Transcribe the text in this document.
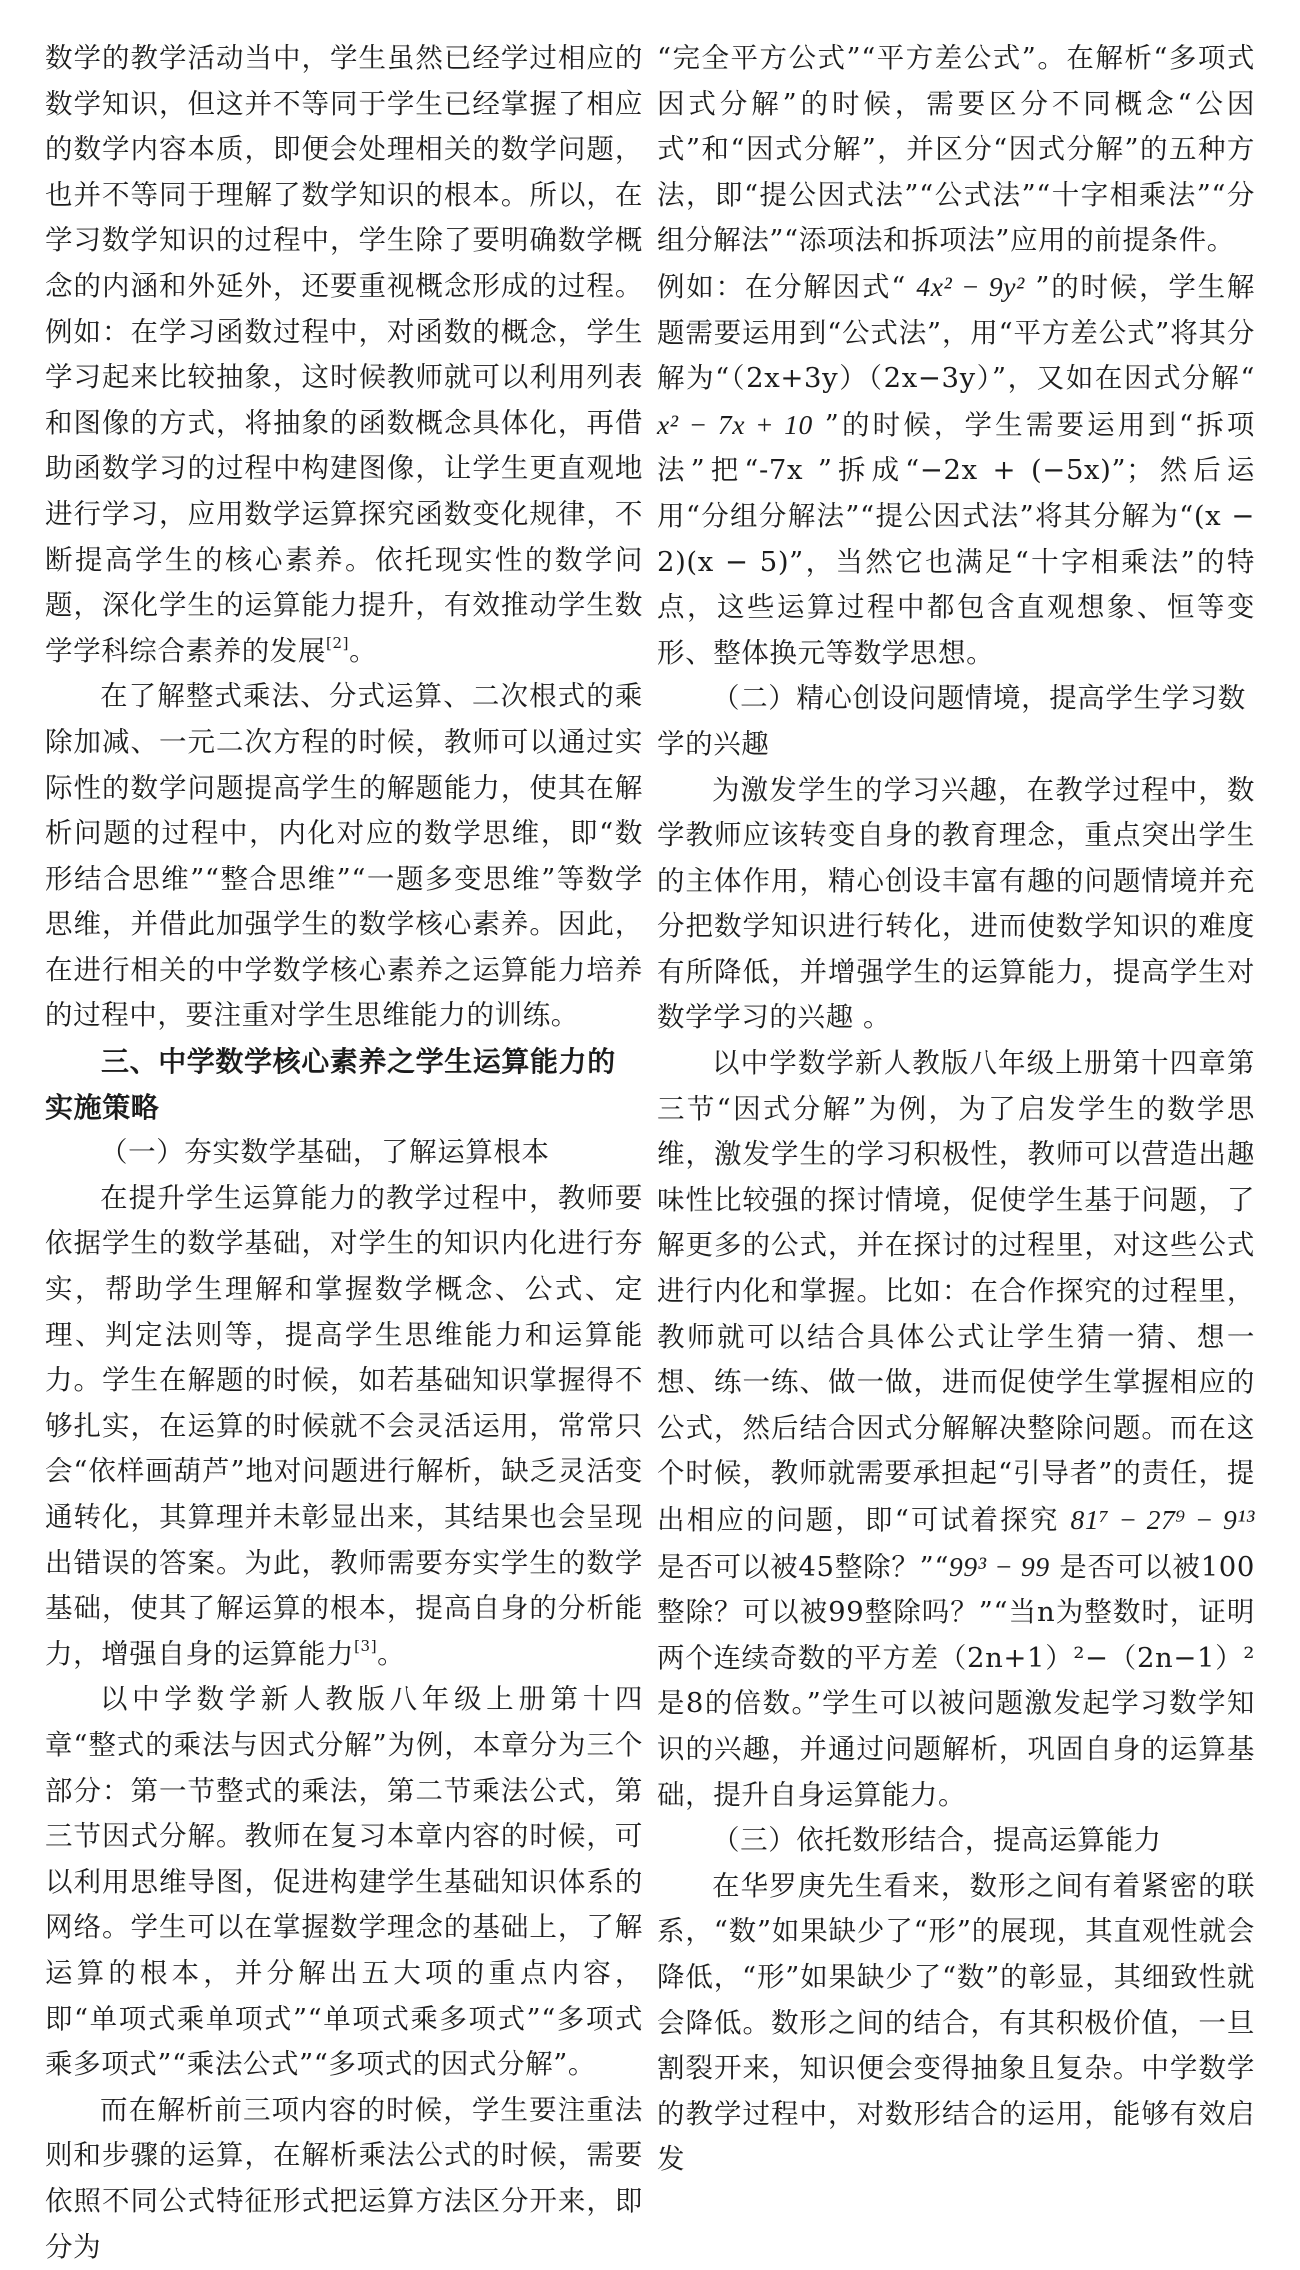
数学的教学活动当中，学生虽然已经学过相应的数学知识，但这并不等同于学生已经掌握了相应的数学内容本质，即便会处理相关的数学问题，也并不等同于理解了数学知识的根本。所以，在学习数学知识的过程中，学生除了要明确数学概念的内涵和外延外，还要重视概念形成的过程。例如：在学习函数过程中，对函数的概念，学生学习起来比较抽象，这时候教师就可以利用列表和图像的方式，将抽象的函数概念具体化，再借助函数学习的过程中构建图像，让学生更直观地进行学习，应用数学运算探究函数变化规律，不断提高学生的核心素养。依托现实性的数学问题，深化学生的运算能力提升，有效推动学生数学学科综合素养的发展[2]。

在了解整式乘法、分式运算、二次根式的乘除加减、一元二次方程的时候，教师可以通过实际性的数学问题提高学生的解题能力，使其在解析问题的过程中，内化对应的数学思维，即“数形结合思维”“整合思维”“一题多变思维”等数学思维，并借此加强学生的数学核心素养。因此，在进行相关的中学数学核心素养之运算能力培养的过程中，要注重对学生思维能力的训练。

三、中学数学核心素养之学生运算能力的实施策略
（一）夯实数学基础，了解运算根本

在提升学生运算能力的教学过程中，教师要依据学生的数学基础，对学生的知识内化进行夯实，帮助学生理解和掌握数学概念、公式、定理、判定法则等，提高学生思维能力和运算能力。学生在解题的时候，如若基础知识掌握得不够扎实，在运算的时候就不会灵活运用，常常只会“依样画葫芦”地对问题进行解析，缺乏灵活变通转化，其算理并未彰显出来，其结果也会呈现出错误的答案。为此，教师需要夯实学生的数学基础，使其了解运算的根本，提高自身的分析能力，增强自身的运算能力[3]。

以中学数学新人教版八年级上册第十四章“整式的乘法与因式分解”为例，本章分为三个部分：第一节整式的乘法，第二节乘法公式，第三节因式分解。教师在复习本章内容的时候，可以利用思维导图，促进构建学生基础知识体系的网络。学生可以在掌握数学理念的基础上，了解运算的根本，并分解出五大项的重点内容，即“单项式乘单项式”“单项式乘多项式”“多项式乘多项式”“乘法公式”“多项式的因式分解”。

而在解析前三项内容的时候，学生要注重法则和步骤的运算，在解析乘法公式的时候，需要依照不同公式特征形式把运算方法区分开来，即分为

“完全平方公式”“平方差公式”。在解析“多项式因式分解”的时候，需要区分不同概念“公因式”和“因式分解”，并区分“因式分解”的五种方法，即“提公因式法”“公式法”“十字相乘法”“分组分解法”“添项法和拆项法”应用的前提条件。

例如：在分解因式“ 4x² − 9y² ”的时候，学生解题需要运用到“公式法”，用“平方差公式”将其分解为“（2x+3y）（2x−3y）”，又如在因式分解“ x² − 7x + 10 ”的时候，学生需要运用到“拆项法”把“-7x ”拆成“−2x + (−5x)”；然后运用“分组分解法”“提公因式法”将其分解为“(x − 2)(x − 5)”，当然它也满足“十字相乘法”的特点，这些运算过程中都包含直观想象、恒等变形、整体换元等数学思想。

（二）精心创设问题情境，提高学生学习数学的兴趣

为激发学生的学习兴趣，在教学过程中，数学教师应该转变自身的教育理念，重点突出学生的主体作用，精心创设丰富有趣的问题情境并充分把数学知识进行转化，进而使数学知识的难度有所降低，并增强学生的运算能力，提高学生对数学学习的兴趣 。

以中学数学新人教版八年级上册第十四章第三节“因式分解”为例，为了启发学生的数学思维，激发学生的学习积极性，教师可以营造出趣味性比较强的探讨情境，促使学生基于问题，了解更多的公式，并在探讨的过程里，对这些公式进行内化和掌握。比如：在合作探究的过程里，教师就可以结合具体公式让学生猜一猜、想一想、练一练、做一做，进而促使学生掌握相应的公式，然后结合因式分解解决整除问题。而在这个时候，教师就需要承担起“引导者”的责任，提出相应的问题，即“可试着探究 81⁷ − 27⁹ − 9¹³ 是否可以被45整除？”“99³ − 99 是否可以被100整除？可以被99整除吗？”“当n为整数时，证明两个连续奇数的平方差（2n+1）²−（2n−1）² 是8的倍数。”学生可以被问题激发起学习数学知识的兴趣，并通过问题解析，巩固自身的运算基础，提升自身运算能力。

（三）依托数形结合，提高运算能力

在华罗庚先生看来，数形之间有着紧密的联系，“数”如果缺少了“形”的展现，其直观性就会降低，“形”如果缺少了“数”的彰显，其细致性就会降低。数形之间的结合，有其积极价值，一旦割裂开来，知识便会变得抽象且复杂。中学数学的教学过程中，对数形结合的运用，能够有效启发
